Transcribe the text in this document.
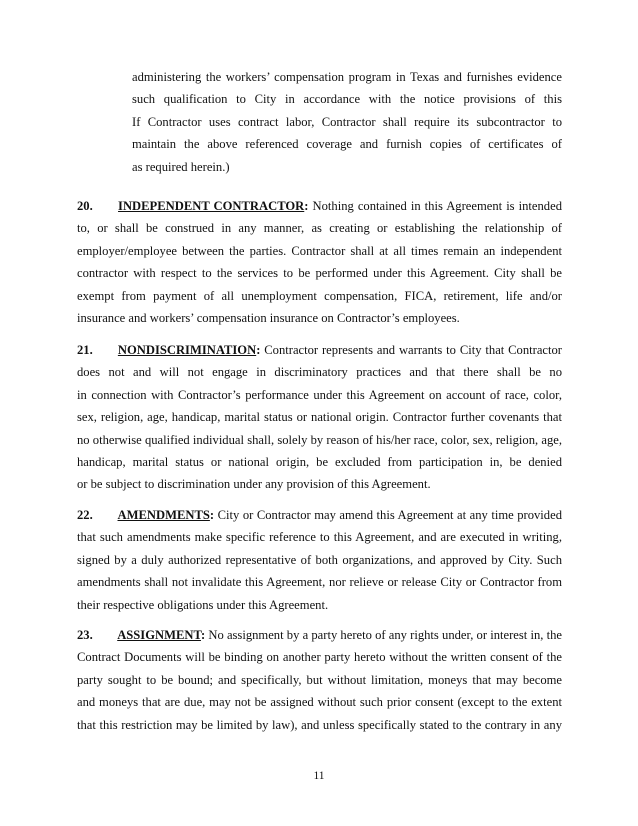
administering the workers’ compensation program in Texas and furnishes evidence
such qualification to City in accordance with the notice provisions of this
If Contractor uses contract labor, Contractor shall require its subcontractor to
maintain the above referenced coverage and furnish copies of certificates of
as required herein.)
20. INDEPENDENT CONTRACTOR: Nothing contained in this Agreement is intended
to, or shall be construed in any manner, as creating or establishing the relationship of
employer/employee between the parties. Contractor shall at all times remain an independent
contractor with respect to the services to be performed under this Agreement. City shall be
exempt from payment of all unemployment compensation, FICA, retirement, life and/or
insurance and workers’ compensation insurance on Contractor’s employees.
21. NONDISCRIMINATION: Contractor represents and warrants to City that Contractor
does not and will not engage in discriminatory practices and that there shall be no
in connection with Contractor’s performance under this Agreement on account of race, color,
sex, religion, age, handicap, marital status or national origin. Contractor further covenants that
no otherwise qualified individual shall, solely by reason of his/her race, color, sex, religion, age,
handicap, marital status or national origin, be excluded from participation in, be denied
or be subject to discrimination under any provision of this Agreement.
22. AMENDMENTS: City or Contractor may amend this Agreement at any time provided
that such amendments make specific reference to this Agreement, and are executed in writing,
signed by a duly authorized representative of both organizations, and approved by City. Such
amendments shall not invalidate this Agreement, nor relieve or release City or Contractor from
their respective obligations under this Agreement.
23. ASSIGNMENT: No assignment by a party hereto of any rights under, or interest in, the
Contract Documents will be binding on another party hereto without the written consent of the
party sought to be bound; and specifically, but without limitation, moneys that may become
and moneys that are due, may not be assigned without such prior consent (except to the extent
that this restriction may be limited by law), and unless specifically stated to the contrary in any
11
